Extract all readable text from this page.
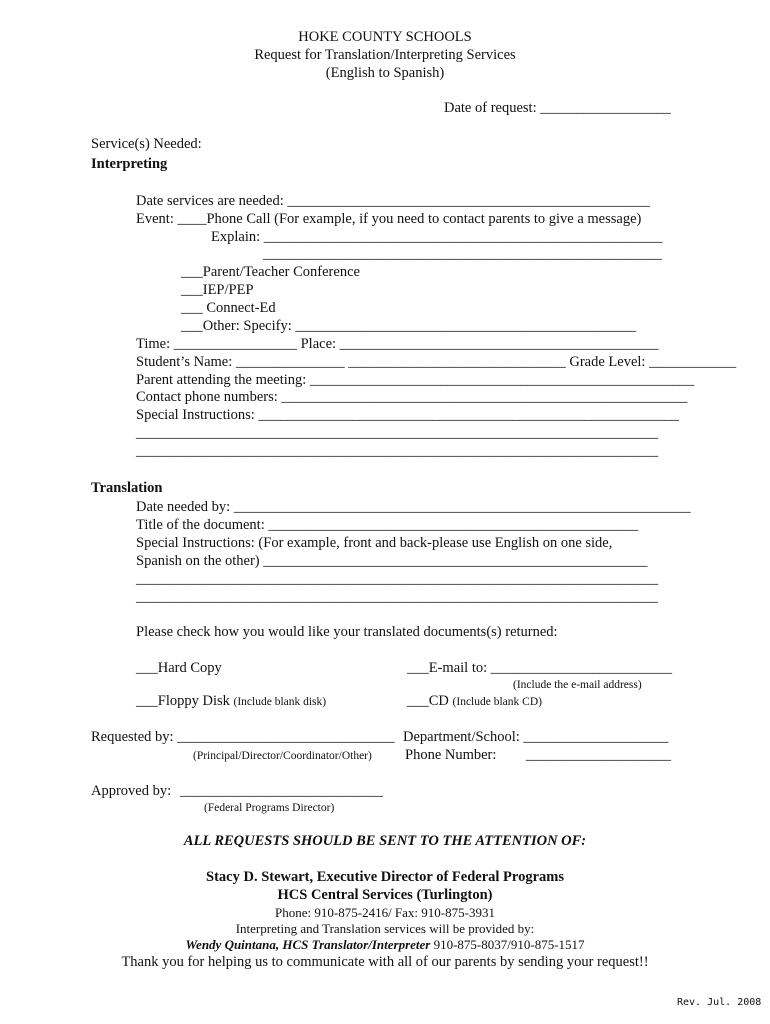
HOKE COUNTY SCHOOLS
Request for Translation/Interpreting Services
(English to Spanish)
Date of request: __________________
Service(s) Needed:
Interpreting
Date services are needed: __________________________________________________
Event: ____Phone Call (For example, if you need to contact parents to give a message)
Explain: _______________________________________________________
_______________________________________________________
___Parent/Teacher Conference
___IEP/PEP
___ Connect-Ed
___Other: Specify: _______________________________________________
Time: _________________ Place: ____________________________________________
Student’s Name: _______________ ______________________________ Grade Level: ____________
Parent attending the meeting: _____________________________________________________
Contact phone numbers: ________________________________________________________
Special Instructions: __________________________________________________________
________________________________________________________________________
________________________________________________________________________
Translation
Date needed by: _______________________________________________________________
Title of the document: ___________________________________________________
Special Instructions: (For example, front and back-please use English on one side,
Spanish on the other) _____________________________________________________
________________________________________________________________________
________________________________________________________________________
Please check how you would like your translated documents(s) returned:
___Hard Copy	___E-mail to: _________________________
(Include the e-mail address)
___Floppy Disk (Include blank disk)	___CD (Include blank CD)
Requested by: ______________________________ Department/School: ____________________
(Principal/Director/Coordinator/Other) Phone Number: ____________________
Approved by: ____________________________
(Federal Programs Director)
ALL REQUESTS SHOULD BE SENT TO THE ATTENTION OF:
Stacy D. Stewart, Executive Director of Federal Programs
HCS Central Services (Turlington)
Phone: 910-875-2416/ Fax: 910-875-3931
Interpreting and Translation services will be provided by:
Wendy Quintana, HCS Translator/Interpreter 910-875-8037/910-875-1517
Thank you for helping us to communicate with all of our parents by sending your request!!
Rev. Jul. 2008
